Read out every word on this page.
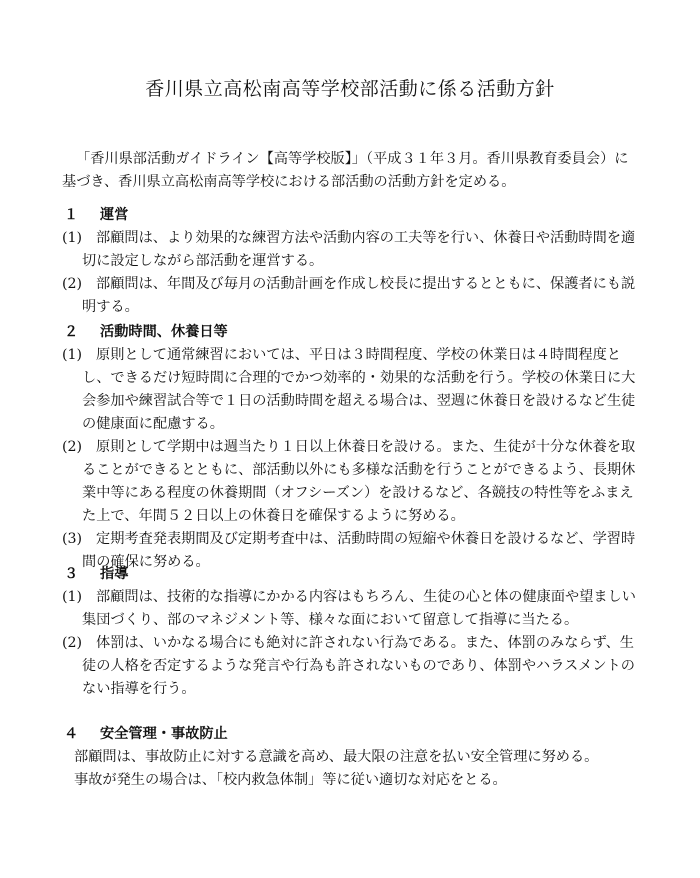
香川県立高松南高等学校部活動に係る活動方針

「香川県部活動ガイドライン【高等学校版】」（平成３１年３月。香川県教育委員会）に基づき、香川県立高松南高等学校における部活動の活動方針を定める。

１ 運営

(1) 部顧問は、より効果的な練習方法や活動内容の工夫等を行い、休養日や活動時間を適切に設定しながら部活動を運営する。

(2) 部顧問は、年間及び毎月の活動計画を作成し校長に提出するとともに、保護者にも説明する。

２ 活動時間、休養日等

(1) 原則として通常練習においては、平日は３時間程度、学校の休業日は４時間程度とし、できるだけ短時間に合理的でかつ効率的・効果的な活動を行う。学校の休業日に大会参加や練習試合等で１日の活動時間を超える場合は、翌週に休養日を設けるなど生徒の健康面に配慮する。

(2) 原則として学期中は週当たり１日以上休養日を設ける。また、生徒が十分な休養を取ることができるとともに、部活動以外にも多様な活動を行うことができるよう、長期休業中等にある程度の休養期間（オフシーズン）を設けるなど、各競技の特性等をふまえた上で、年間５２日以上の休養日を確保するように努める。

(3) 定期考査発表期間及び定期考査中は、活動時間の短縮や休養日を設けるなど、学習時間の確保に努める。

３ 指導

(1) 部顧問は、技術的な指導にかかる内容はもちろん、生徒の心と体の健康面や望ましい集団づくり、部のマネジメント等、様々な面において留意して指導に当たる。

(2) 体罰は、いかなる場合にも絶対に許されない行為である。また、体罰のみならず、生徒の人格を否定するような発言や行為も許されないものであり、体罰やハラスメントのない指導を行う。

４ 安全管理・事故防止

部顧問は、事故防止に対する意識を高め、最大限の注意を払い安全管理に努める。

事故が発生の場合は、「校内救急体制」等に従い適切な対応をとる。
